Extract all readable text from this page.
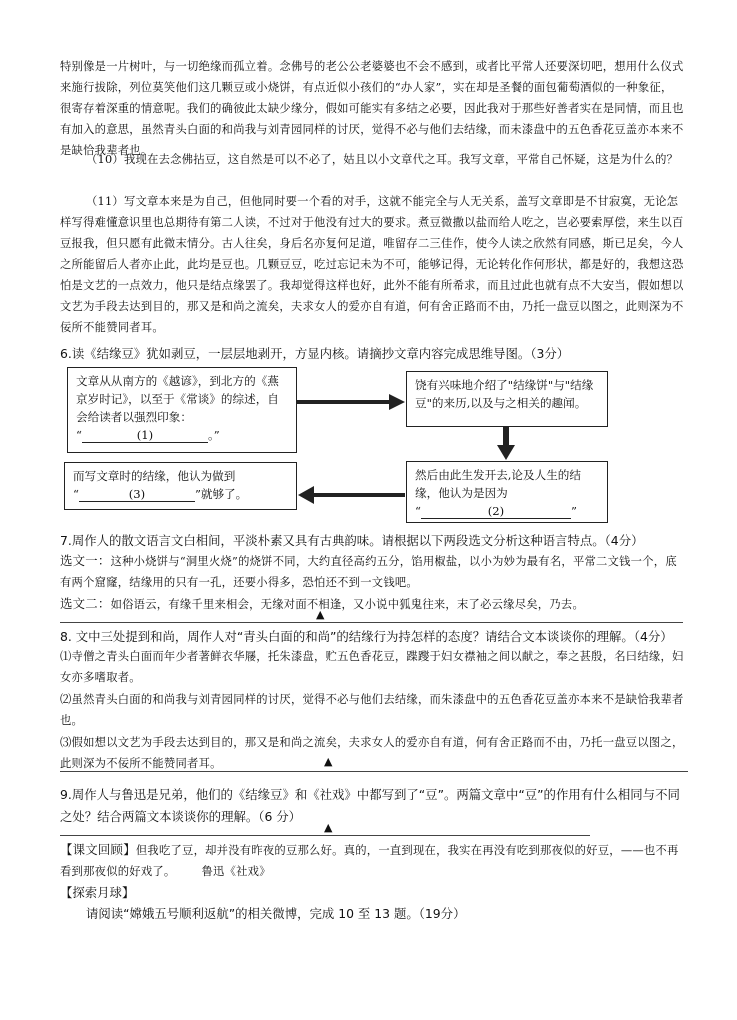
特别像是一片树叶，与一切绝缘而孤立着。念佛号的老公公老婆婆也不会不感到，或者比平常人还要深切吧，想用什么仪式来施行拔除，列位莫笑他们这几颗豆或小烧饼，有点近似小孩们的“办人家”，实在却是圣餐的面包葡萄酒似的一种象征，很寄存着深重的情意呢。我们的确彼此太缺少缘分，假如可能实有多结之必要，因此我对于那些好善者实在是同情，而且也有加入的意思，虽然青头白面的和尚我与刘青园同样的讨厌，觉得不必与他们去结缘，而未漆盘中的五色香花豆盖亦本来不是缺恰我辈者也。

（10）我现在去念佛拈豆，这自然是可以不必了，姑且以小文章代之耳。我写文章，平常自己怀疑，这是为什么的？

（11）写文章本来是为自己，但他同时要一个看的对手，这就不能完全与人无关系，盖写文章即是不甘寂寞，无论怎样写得难懂意识里也总期待有第二人读，不过对于他没有过大的要求。煮豆微撒以盐而给人吃之，岂必要索厚偿，来生以百豆报我，但只愿有此微末情分。古人往矣，身后名亦复何足道，唯留存二三佳作，使今人读之欣然有同感，斯已足矣，今人之所能留后人者亦止此，此均是豆也。几颗豆豆，吃过忘记未为不可，能够记得，无论转化作何形状，都是好的，我想这恐怕是文艺的一点效力，他只是结点缘罢了。我却觉得这样也好，此外不能有所希求，而且过此也就有点不大安当，假如想以文艺为手段去达到目的，那又是和尚之流矣，夫求女人的爱亦自有道，何有舍正路而不由，乃托一盘豆以图之，此则深为不佞所不能赞同者耳。

6.读《结缘豆》犹如剥豆，一层层地剥开，方显内核。请摘抄文章内容完成思维导图。（3分）

文章从从南方的《越谚》，到北方的《燕京岁时记》，以至于《常谈》的综述，自会给读者以强烈印象：
“	(1)	。”
饶有兴味地介绍了"结缘饼"与"结缘豆"的来历,以及与之相关的趣闻。
然后由此生发开去,论及人生的结缘，他认为是因为
“	(2)	”
而写文章时的结缘，他认为做到
“	(3)	”就够了。

7.周作人的散文语言文白相间，平淡朴素又具有古典韵味。请根据以下两段选文分析这种语言特点。（4分）

选文一：这种小烧饼与“洞里火烧”的烧饼不同，大约直径高约五分，馅用椒盐，以小为妙为最有名，平常二文钱一个，底有两个窟窿，结缘用的只有一孔，还要小得多，恐怕还不到一文钱吧。

选文二：如俗语云，有缘千里来相会，无缘对面不相逢，又小说中狐鬼往来，末了必云缘尽矣，乃去。

▲

8. 文中三处提到和尚，周作人对“青头白面的和尚”的结缘行为持怎样的态度？请结合文本谈谈你的理解。（4分）

⑴寺僧之青头白面而年少者著鲜衣华屦，托朱漆盘，贮五色香花豆，蹀躞于妇女襟袖之间以献之，奉之甚殷，名曰结缘，妇女亦多嗜取者。

⑵虽然青头白面的和尚我与刘青园同样的讨厌，觉得不必与他们去结缘，而朱漆盘中的五色香花豆盖亦本来不是缺恰我辈者也。

⑶假如想以文艺为手段去达到目的，那又是和尚之流矣，夫求女人的爱亦自有道，何有舍正路而不由，乃托一盘豆以图之，此则深为不佞所不能赞同者耳。	▲

9.周作人与鲁迅是兄弟，他们的《结缘豆》和《社戏》中都写到了“豆”。两篇文章中“豆”的作用有什么相同与不同之处？结合两篇文本谈谈你的理解。（6 分）

▲

【课文回顾】但我吃了豆，却并没有昨夜的豆那么好。真的，一直到现在，我实在再没有吃到那夜似的好豆，——也不再看到那夜似的好戏了。 鲁迅《社戏》

【探索月球】

请阅读“嫦娥五号顺利返航”的相关微博，完成 10 至 13 题。（19分）
